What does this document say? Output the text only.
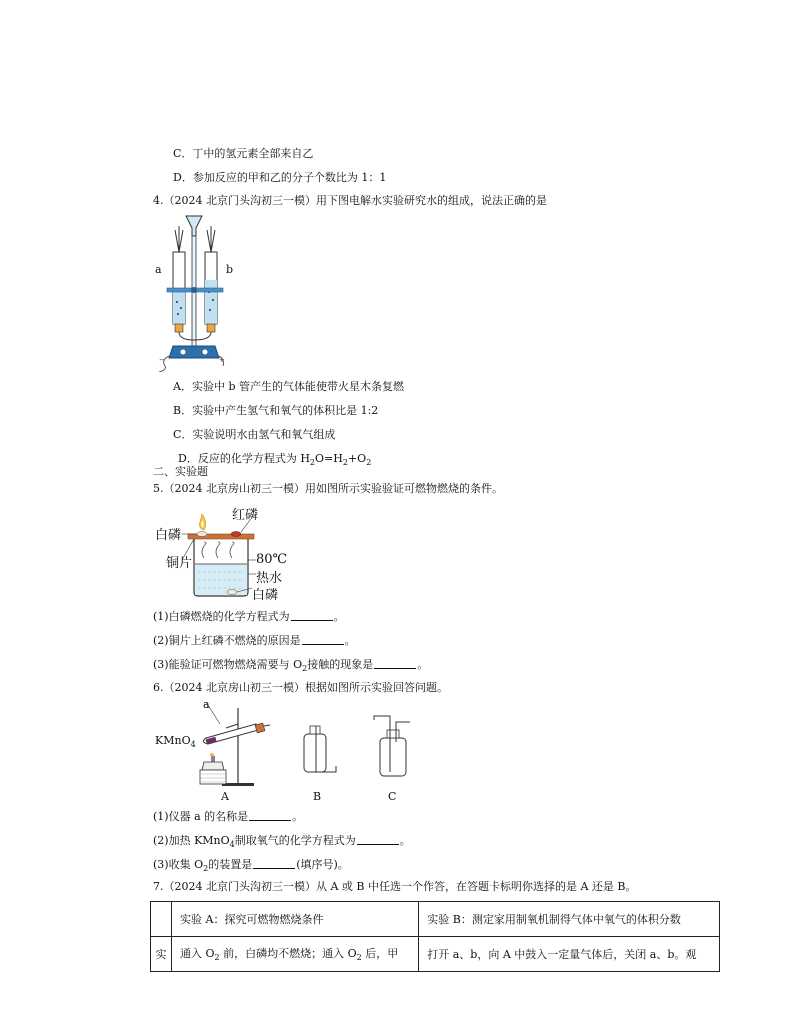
C．丁中的氢元素全部来自乙
D．参加反应的甲和乙的分子个数比为 1：1
4.（2024 北京门头沟初三一模）用下图电解水实验研究水的组成，说法正确的是
+
−
a	b
A．实验中 b 管产生的气体能使带火星木条复燃
B．实验中产生氢气和氧气的体积比是 1:2
C．实验说明水由氢气和氧气组成
D．反应的化学方程式为 $H_2O=H_2+O_2$
二、实验题
5.（2024 北京房山初三一模）用如图所示实验验证可燃物燃烧的条件。
红磷
白磷
铜片	80℃
热水
白磷
(1)白磷燃烧的化学方程式为	。
(2)铜片上红磷不燃烧的原因是	。
(3)能验证可燃物燃烧需要与 $O_2$接触的现象是	。
6.（2024 北京房山初三一模）根据如图所示实验回答问题。
a
KMnO$_4$
A	B	C
(1)仪器 a 的名称是	。
(2)加热 KMnO$_4$制取氧气的化学方程式为	。
(3)收集 $O_2$的装置是	(填序号)。
7.（2024 北京门头沟初三一模）从 A 或 B 中任选一个作答，在答题卡标明你选择的是 A 还是 B。
	实验 A：探究可燃物燃烧条件	实验 B：测定家用制氧机制得气体中氧气的体积分数
实	通入 $O_2$ 前，白磷均不燃烧；通入 $O_2$ 后，甲	打开 a、b，向 A 中鼓入一定量气体后，关闭 a、b。观
